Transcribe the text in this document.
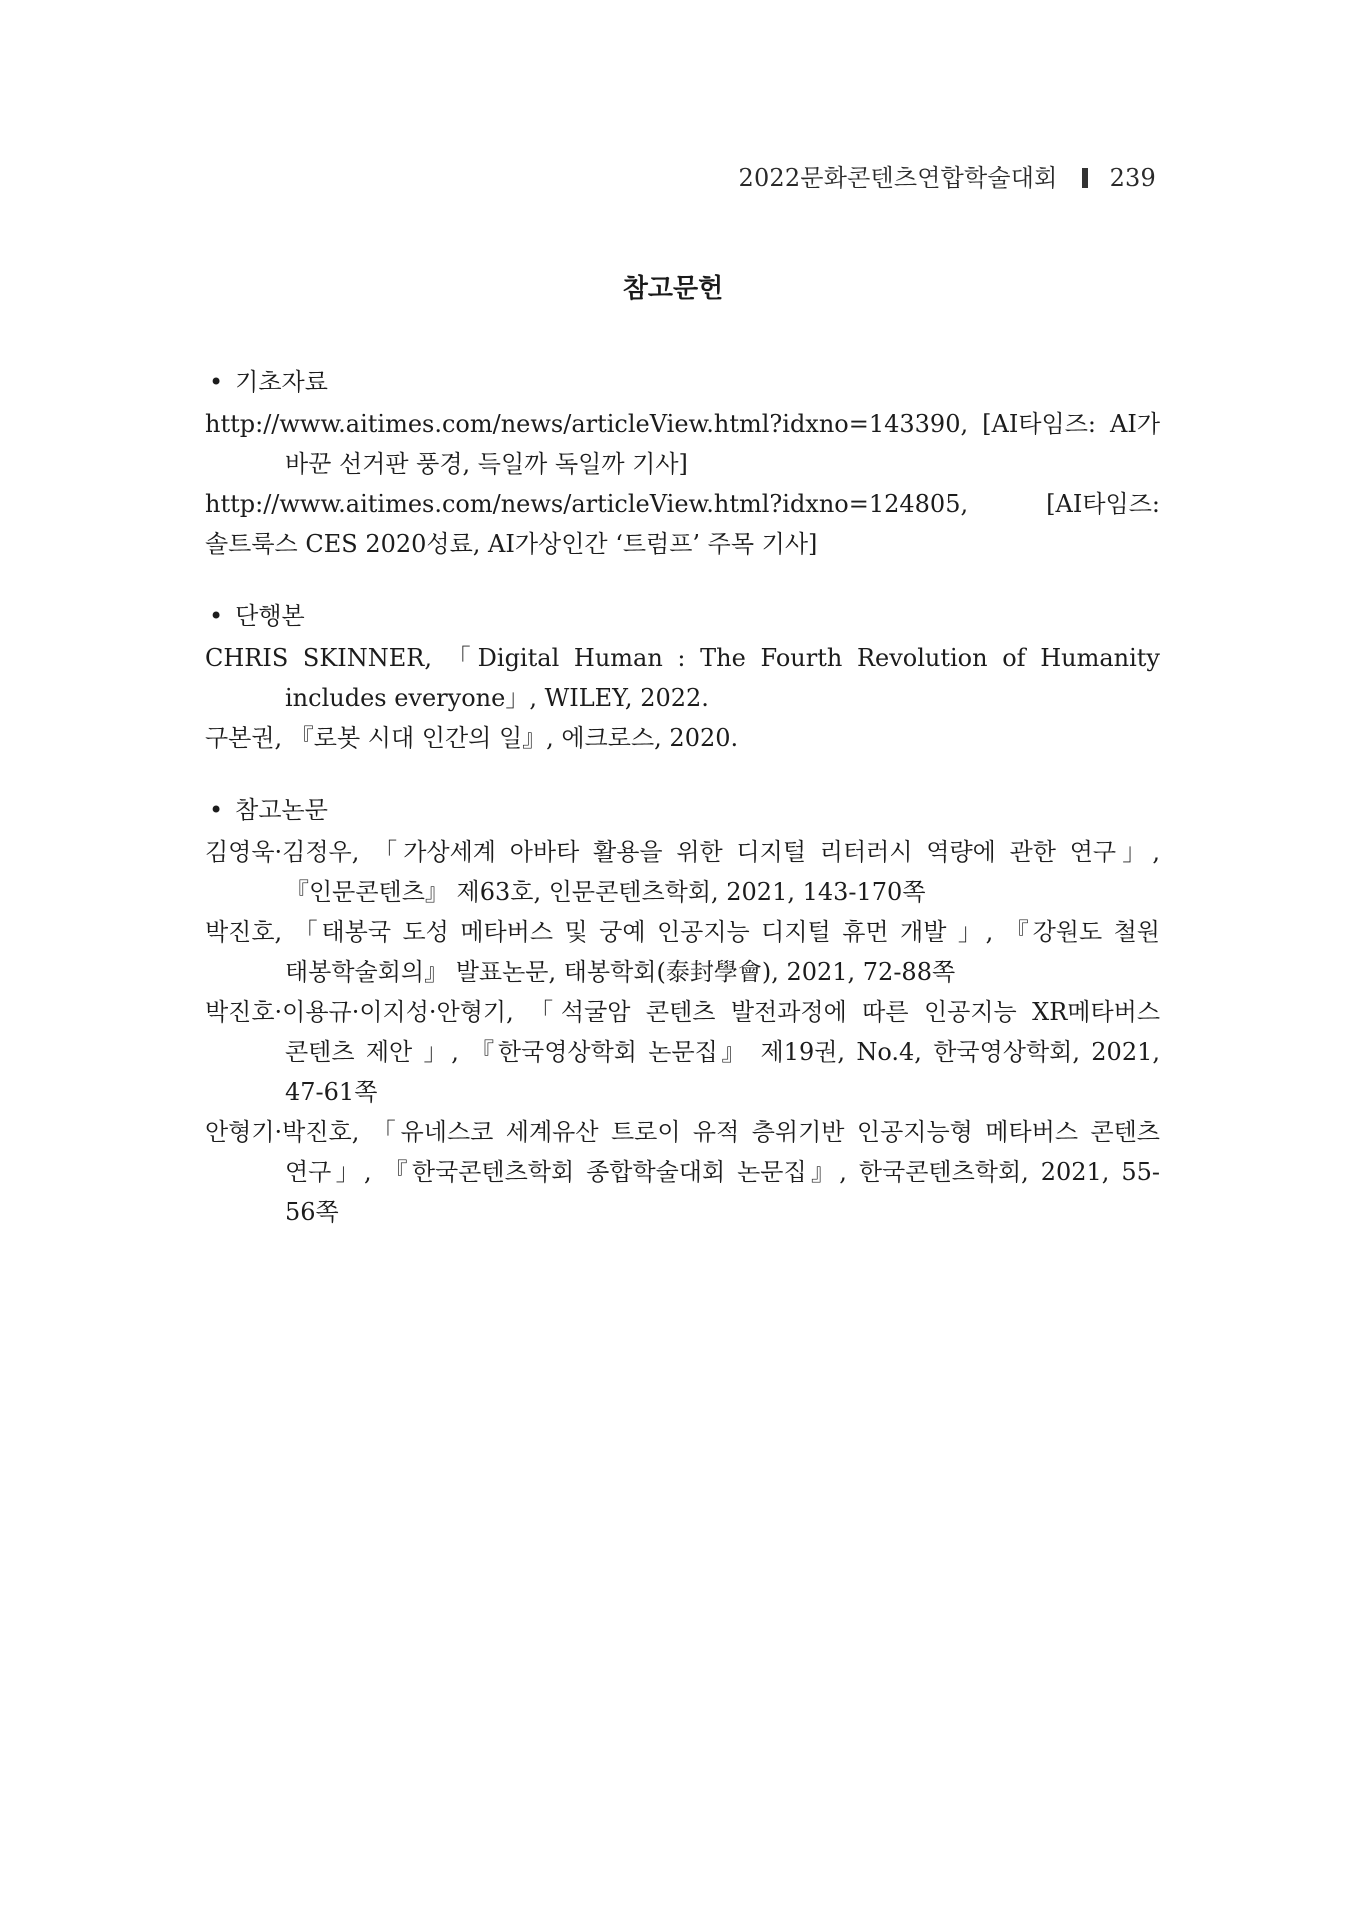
2022문화콘텐츠연합학술대회 239
참고문헌
• 기초자료
http://www.aitimes.com/news/articleView.html?idxno=143390, [AI타임즈: AI가 바꾼 선거판 풍경, 득일까 독일까 기사]
http://www.aitimes.com/news/articleView.html?idxno=124805, [AI타임즈: 솔트룩스 CES 2020성료, AI가상인간 ‘트럼프’ 주목 기사]
• 단행본
CHRIS SKINNER, 「Digital Human : The Fourth Revolution of Humanity includes everyone」, WILEY, 2022.
구본권, 『로봇 시대 인간의 일』, 에크로스, 2020.
• 참고논문
김영욱·김정우, 「가상세계 아바타 활용을 위한 디지털 리터러시 역량에 관한 연구」, 『인문콘텐츠』 제63호, 인문콘텐츠학회, 2021, 143-170쪽
박진호, 「태봉국 도성 메타버스 및 궁예 인공지능 디지털 휴먼 개발 」, 『강원도 철원 태봉학술회의』 발표논문, 태봉학회(泰封學會), 2021, 72-88쪽
박진호·이용규·이지성·안형기, 「석굴암 콘텐츠 발전과정에 따른 인공지능 XR메타버스 콘텐츠 제안 」, 『한국영상학회 논문집』 제19권, No.4, 한국영상학회, 2021, 47-61쪽
안형기·박진호, 「유네스코 세계유산 트로이 유적 층위기반 인공지능형 메타버스 콘텐츠 연구」, 『한국콘텐츠학회 종합학술대회 논문집』, 한국콘텐츠학회, 2021, 55-56쪽
